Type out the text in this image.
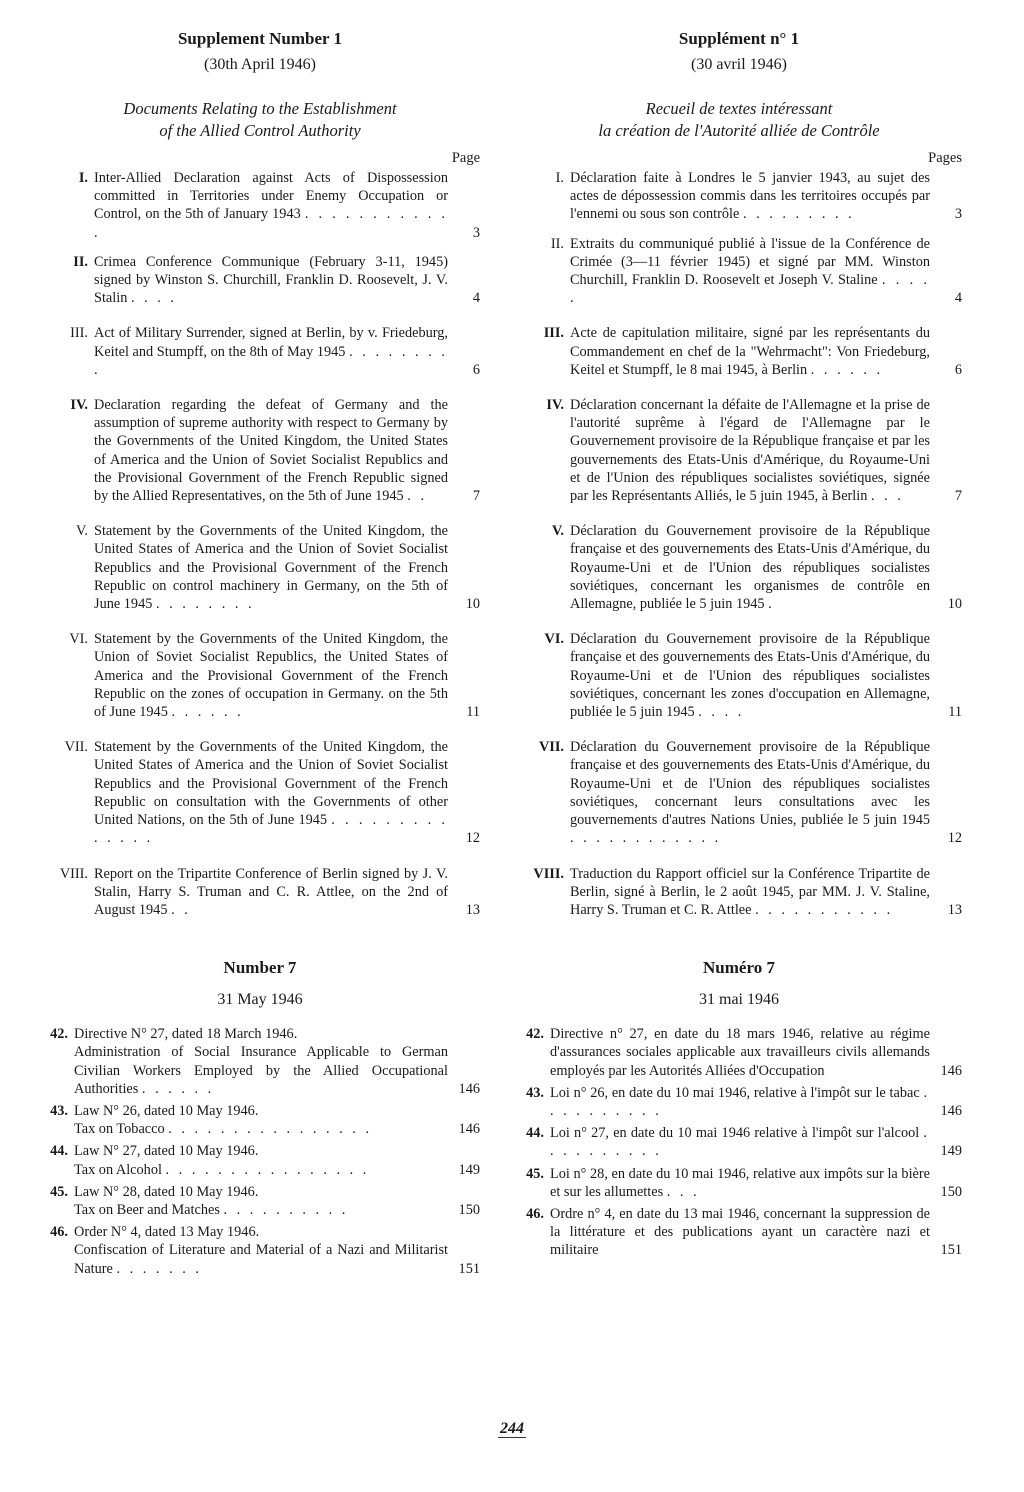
Supplement Number 1

(30th April 1946)

Documents Relating to the Establishment
of the Allied Control Authority

Page
I. Inter-Allied Declaration against Acts of Dispossession committed in Territories under Enemy Occupation or Control, on the 5th of January 1943 . . . . . . . . . . . .	3
II. Crimea Conference Communique (February 3-11, 1945) signed by Winston S. Churchill, Franklin D. Roosevelt, J. V. Stalin . . . .	4
III. Act of Military Surrender, signed at Berlin, by v. Friedeburg, Keitel and Stumpff, on the 8th of May 1945 . . . . . . . . .	6
IV. Declaration regarding the defeat of Germany and the assumption of supreme authority with respect to Germany by the Governments of the United Kingdom, the United States of America and the Union of Soviet Socialist Republics and the Provisional Government of the French Republic signed by the Allied Representatives, on the 5th of June 1945 . .	7
V. Statement by the Governments of the United Kingdom, the United States of America and the Union of Soviet Socialist Republics and the Provisional Government of the French Republic on control machinery in Germany, on the 5th of June 1945 . . . . . . . .	10
VI. Statement by the Governments of the United Kingdom, the Union of Soviet Socialist Republics, the United States of America and the Provisional Government of the French Republic on the zones of occupation in Germany. on the 5th of June 1945 . . . . . .	11
VII. Statement by the Governments of the United Kingdom, the United States of America and the Union of Soviet Socialist Republics and the Provisional Government of the French Republic on consultation with the Governments of other United Nations, on the 5th of June 1945 . . . . . . . . . . . . . .	12
VIII. Report on the Tripartite Conference of Berlin signed by J. V. Stalin, Harry S. Truman and C. R. Attlee, on the 2nd of August 1945 . .	13

Number 7

31 May 1946

42. Directive N° 27, dated 18 March 1946.
Administration of Social Insurance Applicable to German Civilian Workers Employed by the Allied Occupational Authorities . . . . . .	146
43. Law N° 26, dated 10 May 1946.
Tax on Tobacco . . . . . . . . . . . . . . . .	146
44. Law N° 27, dated 10 May 1946.
Tax on Alcohol . . . . . . . . . . . . . . . .	149
45. Law N° 28, dated 10 May 1946.
Tax on Beer and Matches . . . . . . . . . .	150
46. Order N° 4, dated 13 May 1946.
Confiscation of Literature and Material of a Nazi and Militarist Nature . . . . . . .	151

Supplément n° 1

(30 avril 1946)

Recueil de textes intéressant
la création de l'Autorité alliée de Contrôle

Pages
I. Déclaration faite à Londres le 5 janvier 1943, au sujet des actes de dépossession commis dans les territoires occupés par l'ennemi ou sous son contrôle . . . . . . . . .	3
II. Extraits du communiqué publié à l'issue de la Conférence de Crimée (3—11 février 1945) et signé par MM. Winston Churchill, Franklin D. Roosevelt et Joseph V. Staline . . . . .	4
III. Acte de capitulation militaire, signé par les représentants du Commandement en chef de la "Wehrmacht": Von Friedeburg, Keitel et Stumpff, le 8 mai 1945, à Berlin . . . . . .	6
IV. Déclaration concernant la défaite de l'Allemagne et la prise de l'autorité suprême à l'égard de l'Allemagne par le Gouvernement provisoire de la République française et par les gouvernements des Etats-Unis d'Amérique, du Royaume-Uni et de l'Union des républiques socialistes soviétiques, signée par les Représentants Alliés, le 5 juin 1945, à Berlin . . .	7
V. Déclaration du Gouvernement provisoire de la République française et des gouvernements des Etats-Unis d'Amérique, du Royaume-Uni et de l'Union des républiques socialistes soviétiques, concernant les organismes de contrôle en Allemagne, publiée le 5 juin 1945 .	10
VI. Déclaration du Gouvernement provisoire de la République française et des gouvernements des Etats-Unis d'Amérique, du Royaume-Uni et de l'Union des républiques socialistes soviétiques, concernant les zones d'occupation en Allemagne, publiée le 5 juin 1945 . . . .	11
VII. Déclaration du Gouvernement provisoire de la République française et des gouvernements des Etats-Unis d'Amérique, du Royaume-Uni et de l'Union des républiques socialistes soviétiques, concernant leurs consultations avec les gouvernements d'autres Nations Unies, publiée le 5 juin 1945 . . . . . . . . . . . .	12
VIII. Traduction du Rapport officiel sur la Conférence Tripartite de Berlin, signé à Berlin, le 2 août 1945, par MM. J. V. Staline, Harry S. Truman et C. R. Attlee . . . . . . . . . . .	13

Numéro 7

31 mai 1946

42. Directive n° 27, en date du 18 mars 1946, relative au régime d'assurances sociales applicable aux travailleurs civils allemands employés par les Autorités Alliées d'Occupation	146
43. Loi n° 26, en date du 10 mai 1946, relative à l'impôt sur le tabac . . . . . . . . . .	146
44. Loi n° 27, en date du 10 mai 1946 relative à l'impôt sur l'alcool . . . . . . . . . .	149
45. Loi n° 28, en date du 10 mai 1946, relative aux impôts sur la bière et sur les allumettes . . .	150
46. Ordre n° 4, en date du 13 mai 1946, concernant la suppression de la littérature et des publications ayant un caractère nazi et militaire	151
244
